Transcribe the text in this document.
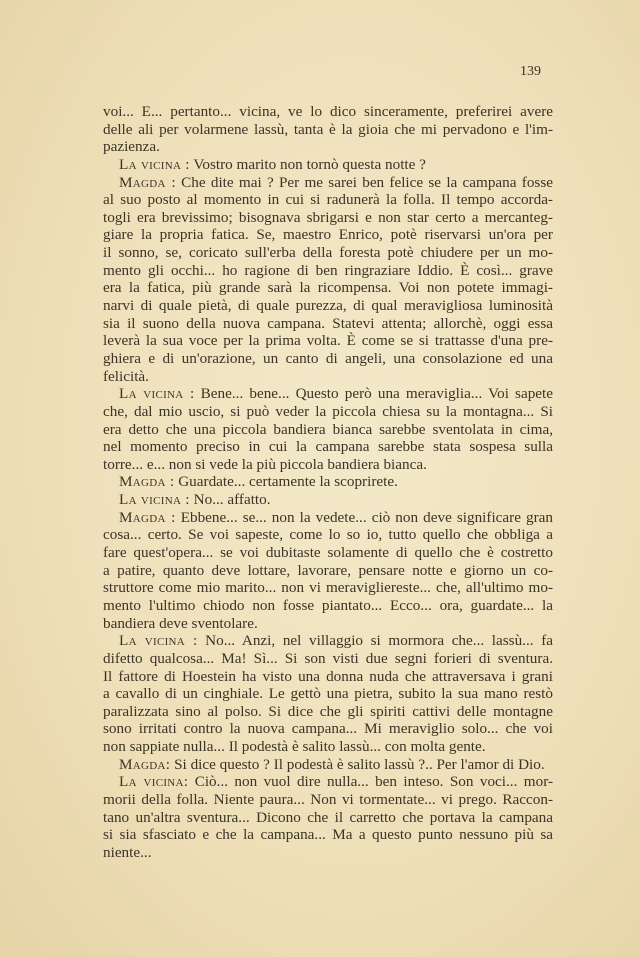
139
voi... E... pertanto... vicina, ve lo dico sinceramente, preferirei avere
delle ali per volarmene lassù, tanta è la gioia che mi pervadono e l'im-
pazienza.
La vicina : Vostro marito non tornò questa notte ?
Magda : Che dite mai ? Per me sarei ben felice se la campana fosse
al suo posto al momento in cui si radunerà la folla. Il tempo accorda-
togli era brevissimo; bisognava sbrigarsi e non star certo a mercanteg-
giare la propria fatica. Se, maestro Enrico, potè riservarsi un'ora per
il sonno, se, coricato sull'erba della foresta potè chiudere per un mo-
mento gli occhi... ho ragione di ben ringraziare Iddio. È così... grave
era la fatica, più grande sarà la ricompensa. Voi non potete immagi-
narvi di quale pietà, di quale purezza, di qual meravigliosa luminosità
sia il suono della nuova campana. Statevi attenta; allorchè, oggi essa
leverà la sua voce per la prima volta. È come se si trattasse d'una pre-
ghiera e di un'orazione, un canto di angeli, una consolazione ed una
felicità.
La vicina : Bene... bene... Questo però una meraviglia... Voi sapete
che, dal mio uscio, si può veder la piccola chiesa su la montagna... Si
era detto che una piccola bandiera bianca sarebbe sventolata in cima,
nel momento preciso in cui la campana sarebbe stata sospesa sulla
torre... e... non si vede la più piccola bandiera bianca.
Magda : Guardate... certamente la scoprirete.
La vicina : No... affatto.
Magda : Ebbene... se... non la vedete... ciò non deve significare gran
cosa... certo. Se voi sapeste, come lo so io, tutto quello che obbliga a
fare quest'opera... se voi dubitaste solamente di quello che è costretto
a patire, quanto deve lottare, lavorare, pensare notte e giorno un co-
struttore come mio marito... non vi meravigliereste... che, all'ultimo mo-
mento l'ultimo chiodo non fosse piantato... Ecco... ora, guardate... la
bandiera deve sventolare.
La vicina : No... Anzi, nel villaggio si mormora che... lassù... fa
difetto qualcosa... Ma! Sì... Si son visti due segni forieri di sventura.
Il fattore di Hoestein ha visto una donna nuda che attraversava i grani
a cavallo di un cinghiale. Le gettò una pietra, subito la sua mano restò
paralizzata sino al polso. Si dice che gli spiriti cattivi delle montagne
sono irritati contro la nuova campana... Mi meraviglio solo... che voi
non sappiate nulla... Il podestà è salito lassù... con molta gente.
Magda: Si dice questo ? Il podestà è salito lassù ?.. Per l'amor di Dio.
La vicina: Ciò... non vuol dire nulla... ben inteso. Son voci... mor-
morii della folla. Niente paura... Non vi tormentate... vi prego. Raccon-
tano un'altra sventura... Dicono che il carretto che portava la campana
si sia sfasciato e che la campana... Ma a questo punto nessuno più sa
niente...
